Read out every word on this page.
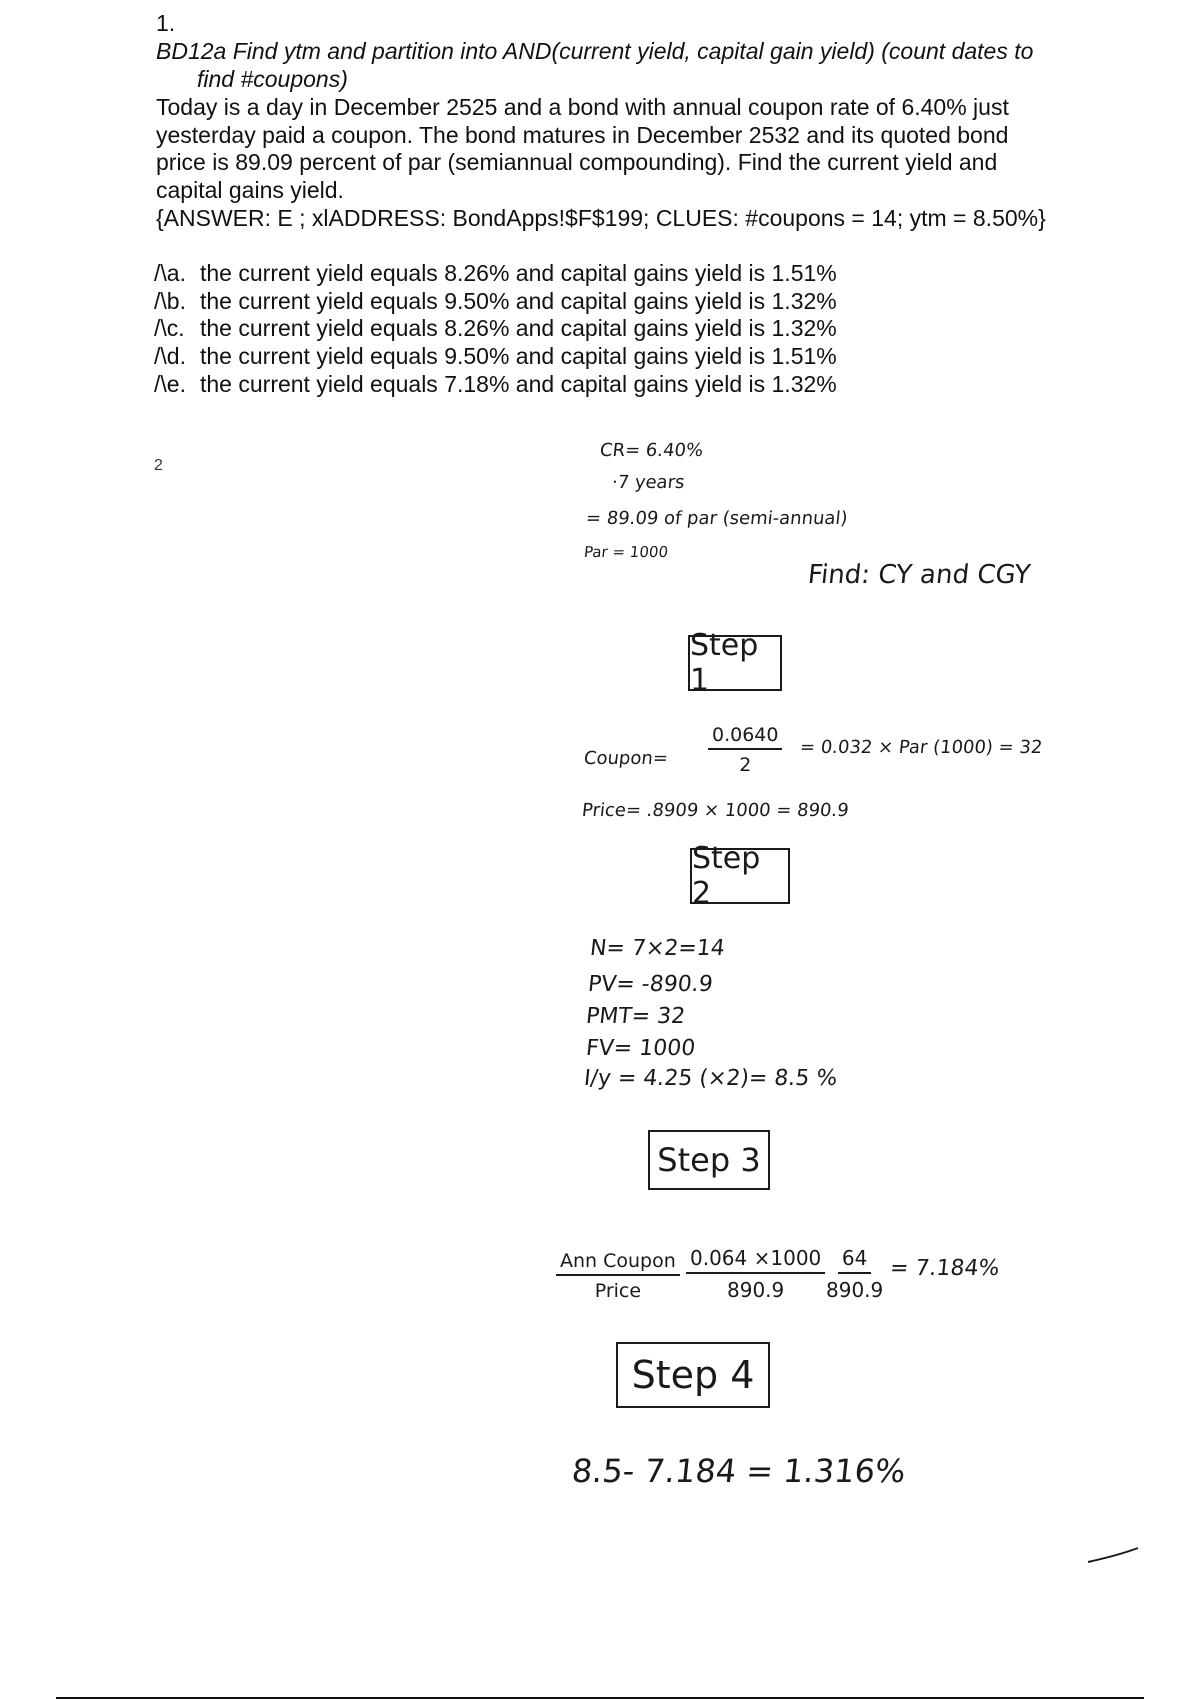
1.
BD12a Find ytm and partition into AND(current yield, capital gain yield) (count dates to
find #coupons)
Today is a day in December 2525 and a bond with annual coupon rate of 6.40% just yesterday paid a coupon. The bond matures in December 2532 and its quoted bond price is 89.09 percent of par (semiannual compounding). Find the current yield and capital gains yield.
{ANSWER: E ; xlADDRESS: BondApps!$F$199; CLUES: #coupons = 14; ytm = 8.50%}
/\a. the current yield equals 8.26% and capital gains yield is 1.51%
/\b. the current yield equals 9.50% and capital gains yield is 1.32%
/\c. the current yield equals 8.26% and capital gains yield is 1.32%
/\d. the current yield equals 9.50% and capital gains yield is 1.51%
/\e. the current yield equals 7.18% and capital gains yield is 1.32%
2
CR= 6.40%
·7 years
= 89.09 of par (semi-annual)
Par = 1000
Find: CY and CGY
Step 1
Coupon= $\frac{0.0640}{2} = 0.032$ × Par (1000) = 32
Price= .8909 × 1000 = 890.9
Step 2
N= 7×2=14
PV= -890.9
PMT= 32
FV= 1000
I/y = 4.25 (×2)= 8.5 %
Step 3
Ann Coupon
Price $\frac{0.064 \times 1000}{890.9} \frac{64}{890.9} = 7.184\%$
Step 4
8.5- 7.184 = 1.316%
